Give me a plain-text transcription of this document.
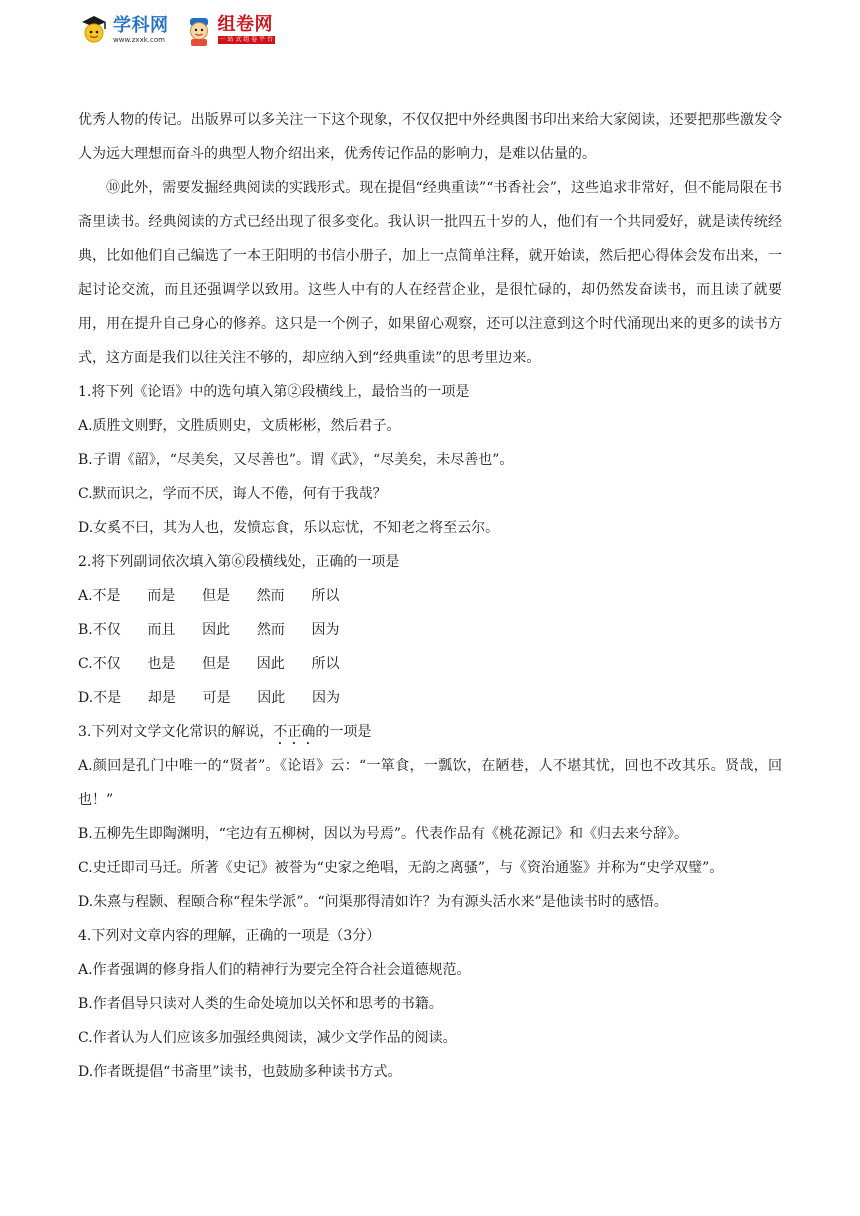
学科网
www.zxxk.com
组卷网
一 站 式 组 卷 平 台

优秀人物的传记。出版界可以多关注一下这个现象，不仅仅把中外经典图书印出来给大家阅读，还要把那些激发令人为远大理想而奋斗的典型人物介绍出来，优秀传记作品的影响力，是难以估量的。

⑩此外，需要发掘经典阅读的实践形式。现在提倡“经典重读”“书香社会”，这些追求非常好，但不能局限在书斋里读书。经典阅读的方式已经出现了很多变化。我认识一批四五十岁的人，他们有一个共同爱好，就是读传统经典，比如他们自己编选了一本王阳明的书信小册子，加上一点简单注释，就开始读，然后把心得体会发布出来，一起讨论交流，而且还强调学以致用。这些人中有的人在经营企业，是很忙碌的，却仍然发奋读书，而且读了就要用，用在提升自己身心的修养。这只是一个例子，如果留心观察，还可以注意到这个时代涌现出来的更多的读书方式，这方面是我们以往关注不够的，却应纳入到“经典重读”的思考里边来。

1.将下列《论语》中的选句填入第②段横线上，最恰当的一项是

A.质胜文则野，文胜质则史，文质彬彬，然后君子。

B.子谓《韶》，“尽美矣，又尽善也”。谓《武》，“尽美矣，未尽善也”。

C.默而识之，学而不厌，诲人不倦，何有于我哉？

D.女奚不曰，其为人也，发愤忘食，乐以忘忧，不知老之将至云尔。

2.将下列副词依次填入第⑥段横线处，正确的一项是

A.不是      而是      但是      然而      所以

B.不仅      而且      因此      然而      因为

C.不仅      也是      但是      因此      所以

D.不是      却是      可是      因此      因为

3.下列对文学文化常识的解说，不正确的一项是

A.颜回是孔门中唯一的“贤者”。《论语》云：“一箪食，一瓢饮，在陋巷，人不堪其忧，回也不改其乐。贤哉，回也！”

B.五柳先生即陶渊明，“宅边有五柳树，因以为号焉”。代表作品有《桃花源记》和《归去来兮辞》。

C.史迁即司马迁。所著《史记》被誉为“史家之绝唱，无韵之离骚”，与《资治通鉴》并称为“史学双璧”。

D.朱熹与程颢、程颐合称“程朱学派”。“问渠那得清如许？为有源头活水来”是他读书时的感悟。

4.下列对文章内容的理解，正确的一项是（3分）

A.作者强调的修身指人们的精神行为要完全符合社会道德规范。

B.作者倡导只读对人类的生命处境加以关怀和思考的书籍。

C.作者认为人们应该多加强经典阅读，减少文学作品的阅读。

D.作者既提倡“书斋里”读书，也鼓励多种读书方式。
